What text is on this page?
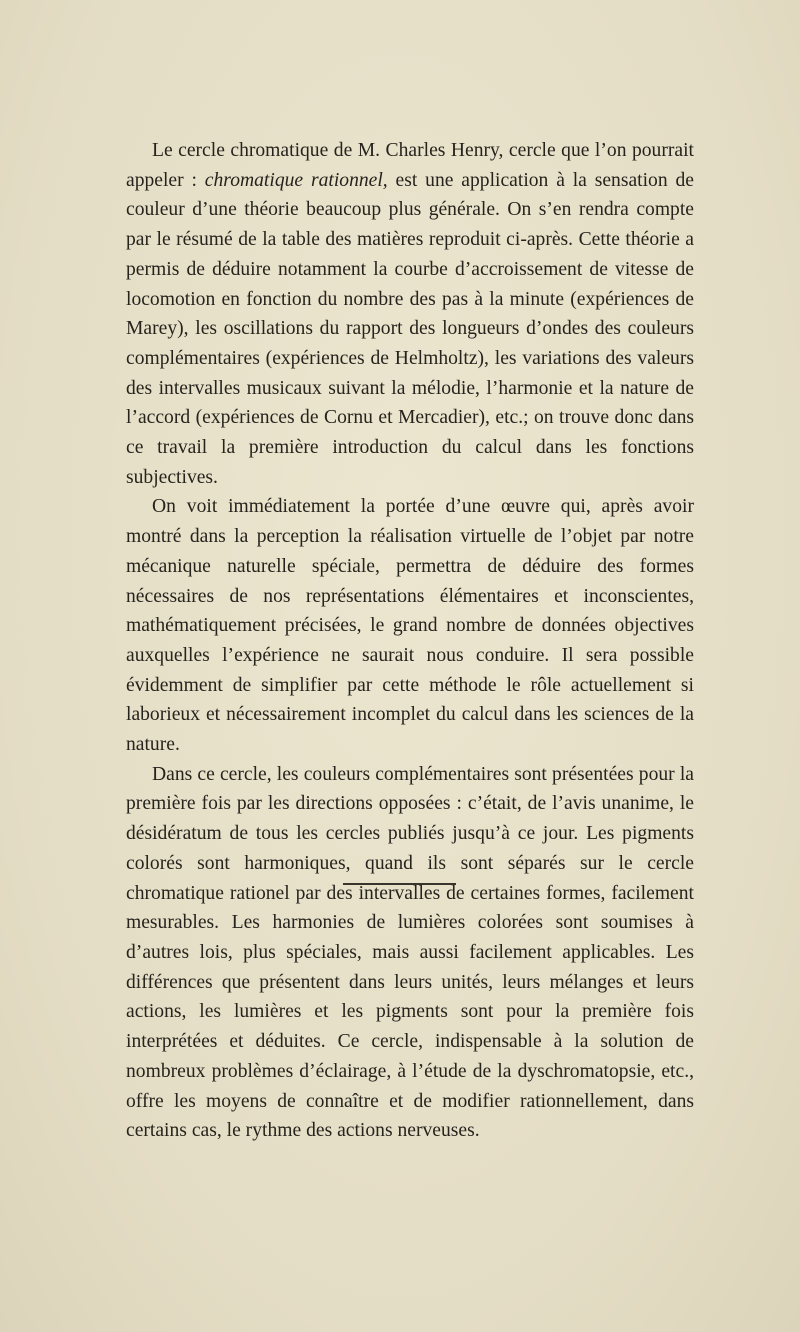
Le cercle chromatique de M. Charles Henry, cercle que l’on pourrait appeler : chromatique rationnel, est une application à la sensation de couleur d’une théorie beaucoup plus générale. On s’en rendra compte par le résumé de la table des matières reproduit ci-après. Cette théorie a permis de déduire notamment la courbe d’accroissement de vitesse de locomotion en fonction du nombre des pas à la minute (expériences de Marey), les oscillations du rapport des longueurs d’ondes des couleurs complémentaires (expériences de Helmholtz), les variations des valeurs des intervalles musicaux suivant la mélodie, l’harmonie et la nature de l’accord (expériences de Cornu et Mercadier), etc.; on trouve donc dans ce travail la première introduction du calcul dans les fonctions subjectives.

On voit immédiatement la portée d’une œuvre qui, après avoir montré dans la perception la réalisation virtuelle de l’objet par notre mécanique naturelle spéciale, permettra de déduire des formes nécessaires de nos représentations élémentaires et inconscientes, mathématiquement précisées, le grand nombre de données objectives auxquelles l’expérience ne saurait nous conduire. Il sera possible évidemment de simplifier par cette méthode le rôle actuellement si laborieux et nécessairement incomplet du calcul dans les sciences de la nature.

Dans ce cercle, les couleurs complémentaires sont présentées pour la première fois par les directions opposées : c’était, de l’avis unanime, le désidératum de tous les cercles publiés jusqu’à ce jour. Les pigments colorés sont harmoniques, quand ils sont séparés sur le cercle chromatique rationel par des intervalles de certaines formes, facilement mesurables. Les harmonies de lumières colorées sont soumises à d’autres lois, plus spéciales, mais aussi facilement applicables. Les différences que présentent dans leurs unités, leurs mélanges et leurs actions, les lumières et les pigments sont pour la première fois interprétées et déduites. Ce cercle, indispensable à la solution de nombreux problèmes d’éclairage, à l’étude de la dyschromatopsie, etc., offre les moyens de connaître et de modifier rationnellement, dans certains cas, le rythme des actions nerveuses.
